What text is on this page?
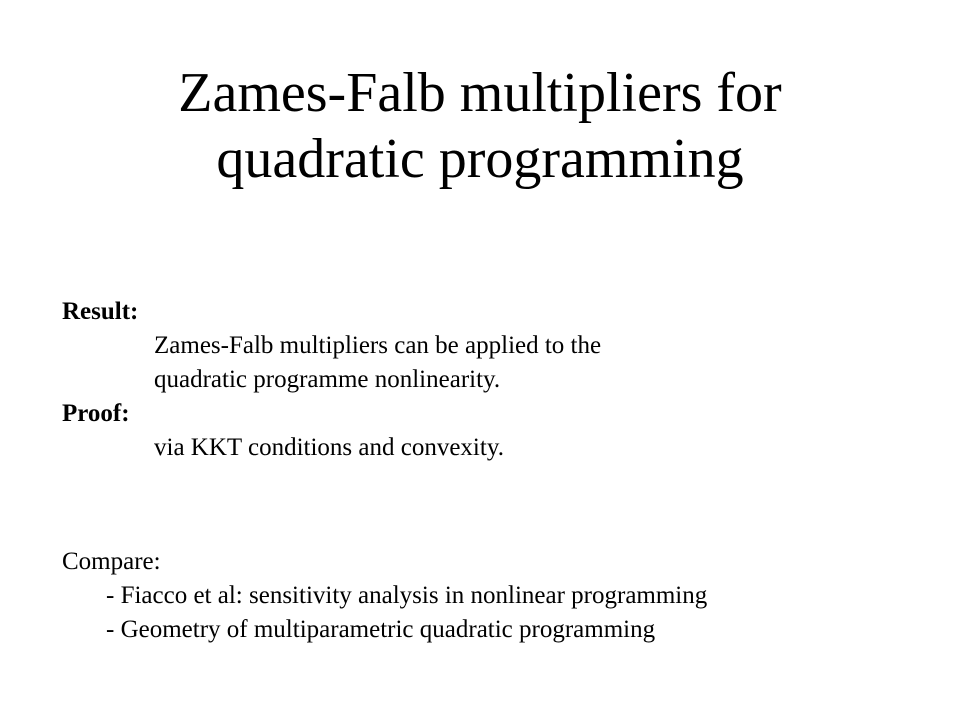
Zames-Falb multipliers for
quadratic programming
Result:
Zames-Falb multipliers can be applied to the
quadratic programme nonlinearity.
Proof:
via KKT conditions and convexity.
Compare:
- Fiacco et al: sensitivity analysis in nonlinear programming
- Geometry of multiparametric quadratic programming
